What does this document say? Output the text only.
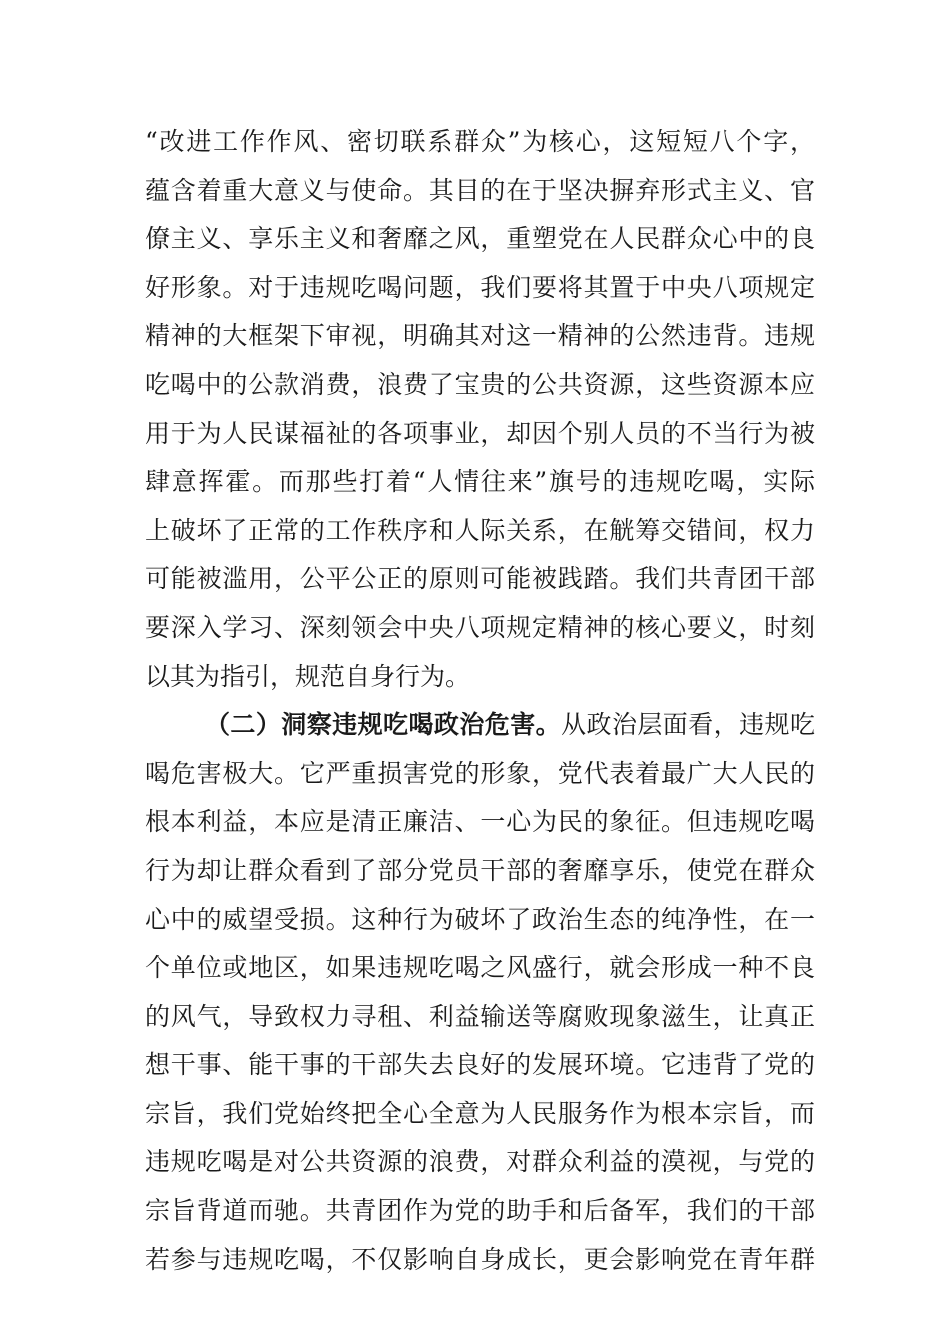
“改进工作作风、密切联系群众”为核心，这短短八个字，
蕴含着重大意义与使命。其目的在于坚决摒弃形式主义、官
僚主义、享乐主义和奢靡之风，重塑党在人民群众心中的良
好形象。对于违规吃喝问题，我们要将其置于中央八项规定
精神的大框架下审视，明确其对这一精神的公然违背。违规
吃喝中的公款消费，浪费了宝贵的公共资源，这些资源本应
用于为人民谋福祉的各项事业，却因个别人员的不当行为被
肆意挥霍。而那些打着“人情往来”旗号的违规吃喝，实际
上破坏了正常的工作秩序和人际关系，在觥筹交错间，权力
可能被滥用，公平公正的原则可能被践踏。我们共青团干部
要深入学习、深刻领会中央八项规定精神的核心要义，时刻
以其为指引，规范自身行为。
（二）洞察违规吃喝政治危害。从政治层面看，违规吃
喝危害极大。它严重损害党的形象，党代表着最广大人民的
根本利益，本应是清正廉洁、一心为民的象征。但违规吃喝
行为却让群众看到了部分党员干部的奢靡享乐，使党在群众
心中的威望受损。这种行为破坏了政治生态的纯净性，在一
个单位或地区，如果违规吃喝之风盛行，就会形成一种不良
的风气，导致权力寻租、利益输送等腐败现象滋生，让真正
想干事、能干事的干部失去良好的发展环境。它违背了党的
宗旨，我们党始终把全心全意为人民服务作为根本宗旨，而
违规吃喝是对公共资源的浪费，对群众利益的漠视，与党的
宗旨背道而驰。共青团作为党的助手和后备军，我们的干部
若参与违规吃喝，不仅影响自身成长，更会影响党在青年群
